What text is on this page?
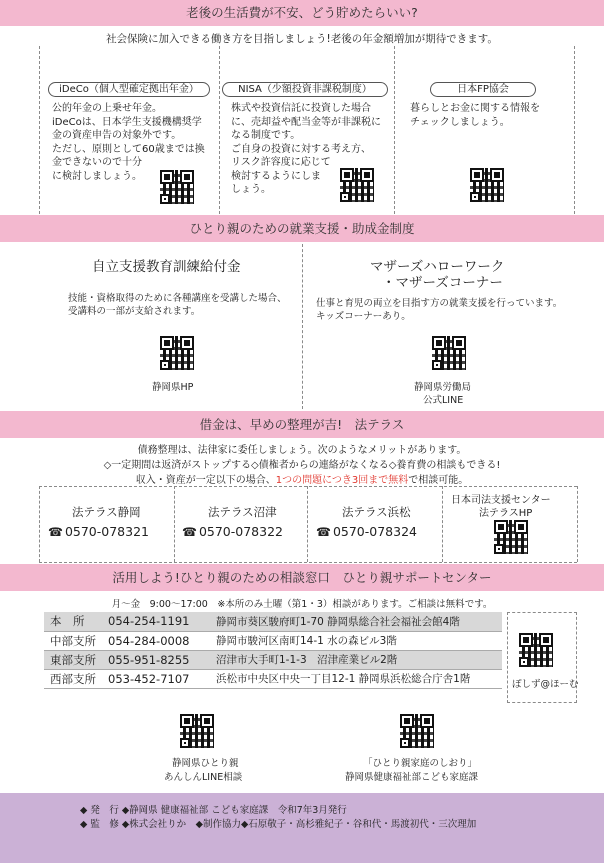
老後の生活費が不安、どう貯めたらいい?
社会保険に加入できる働き方を目指しましょう!老後の年金額増加が期待できます。
iDeCo（個人型確定拠出年金）	NISA（少額投資非課税制度）	日本FP協会
公的年金の上乗せ年金。
iDeCoは、日本学生支援機構奨学
金の資産申告の対象外です。
ただし、原則として60歳までは換
金できないので十分
に検討しましょう。
株式や投資信託に投資した場合
に、売却益や配当金等が非課税に
なる制度です。
ご自身の投資に対する考え方、
リスク許容度に応じて
検討するようにしま
しょう。
暮らしとお金に関する情報を
チェックしましょう。
ひとり親のための就業支援・助成金制度
自立支援教育訓練給付金
技能・資格取得のために各種講座を受講した場合、
受講料の一部が支給されます。
静岡県HP
マザーズハローワーク
・マザーズコーナー
仕事と育児の両立を目指す方の就業支援を行っています。
キッズコーナーあり。
静岡県労働局
公式LINE
借金は、早めの整理が吉!　法テラス
債務整理は、法律家に委任しましょう。次のようなメリットがあります。
◇一定期間は返済がストップする◇債権者からの連絡がなくなる◇養育費の相談もできる!
収入・資産が一定以下の場合、1つの問題につき3回まで無料で相談可能。
法テラス静岡
☎ 0570-078321
法テラス沼津
☎ 0570-078322
法テラス浜松
☎ 0570-078324
日本司法支援センター
法テラスHP
活用しよう!ひとり親のための相談窓口　ひとり親サポートセンター
月～金　9:00～17:00　※本所のみ土曜（第1・3）相談があります。ご相談は無料です。
本　所	054-254-1191	静岡市葵区駿府町1-70 静岡県総合社会福祉会館4階
中部支所	054-284-0008	静岡市駿河区南町14-1 水の森ビル3階
東部支所	055-951-8255	沼津市大手町1-1-3　沼津産業ビル2階
西部支所	053-452-7107	浜松市中央区中央一丁目12-1 静岡県浜松総合庁舎1階	ぽしず@ほーむ
静岡県ひとり親
あんしんLINE相談
「ひとり親家庭のしおり」
静岡県健康福祉部こども家庭課
◆ 発　行 ◆静岡県 健康福祉部 こども家庭課　令和7年3月発行
◆ 監　修 ◆株式会社りか　◆制作協力◆石原敬子・高杉雅紀子・谷和代・馬渡初代・三次理加
